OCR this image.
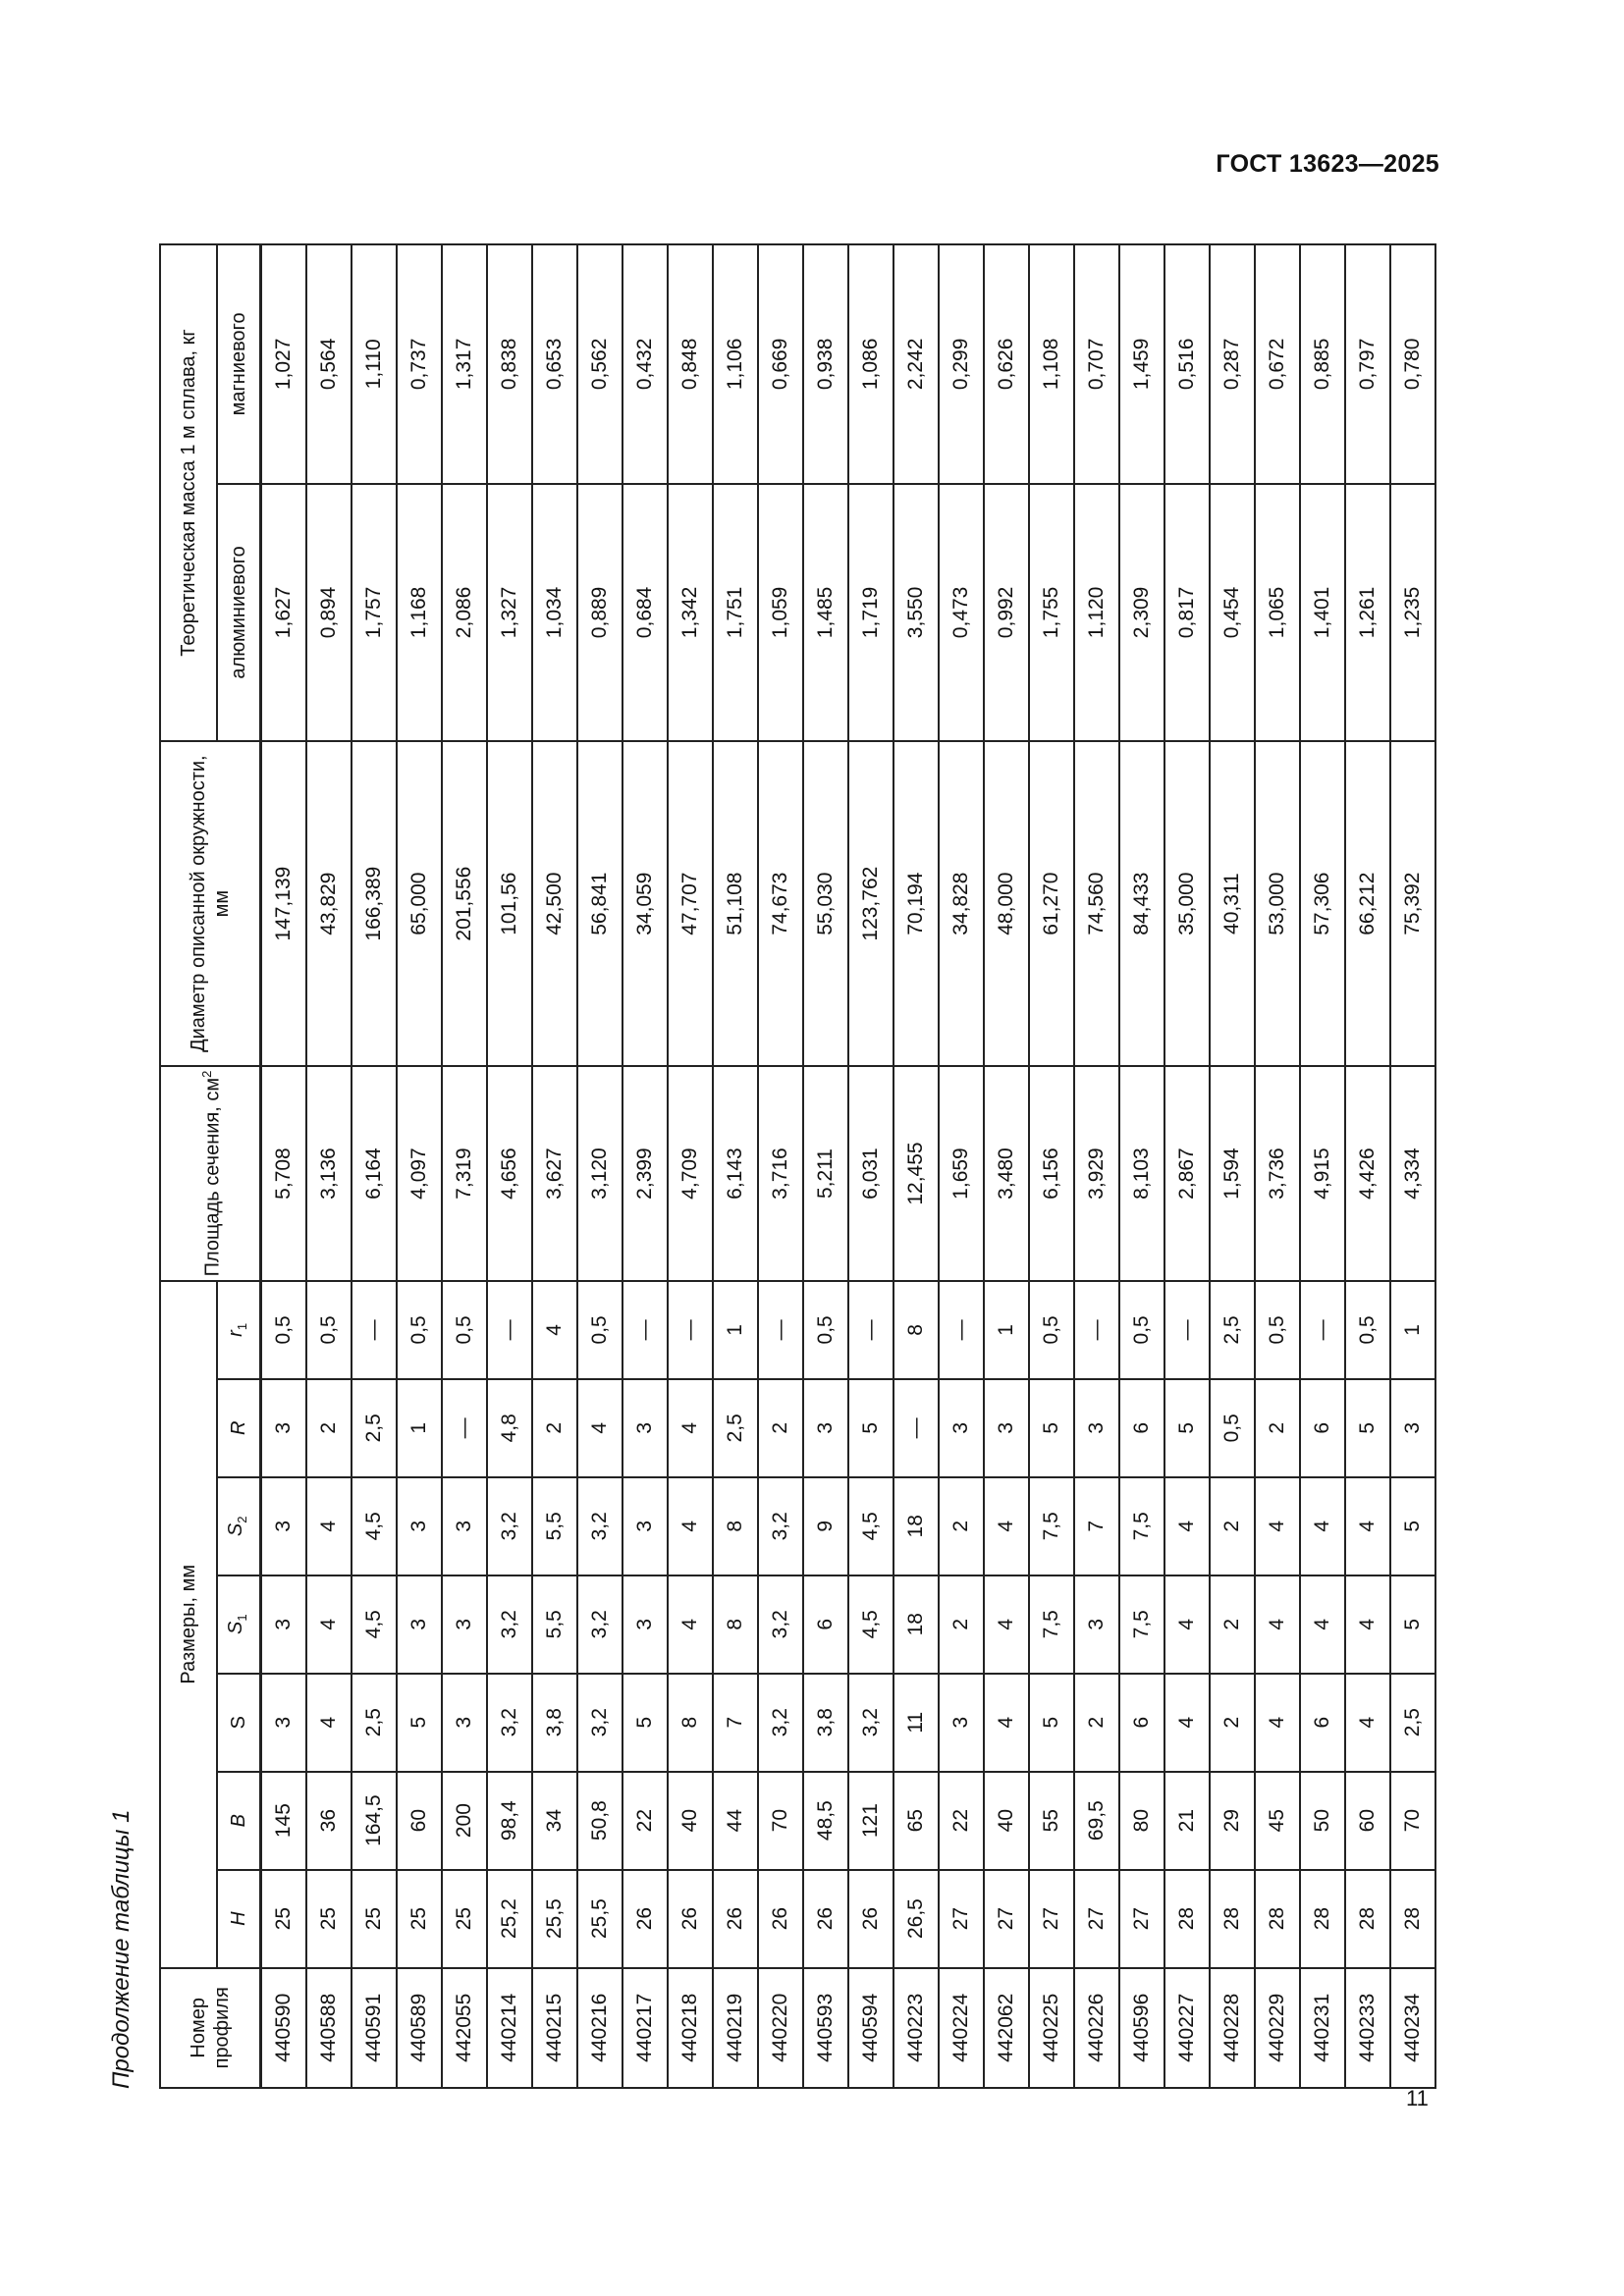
ГОСТ 13623—2025
Продолжение таблицы 1	Номер профиля	Размеры, мм							Площадь сечения, $см^2$	Диаметр описанной окружности, мм	Теоретическая масса 1 м сплава, кг	
	H	B	S	$S_1$	$S_2$	R	$r_1$			алюминиевого	магниевого
440590	25	145	3	3	3	3	0,5	5,708	147,139	1,627	1,027
440588	25	36	4	4	4	2	0,5	3,136	43,829	0,894	0,564
440591	25	164,5	2,5	4,5	4,5	2,5	—	6,164	166,389	1,757	1,110
440589	25	60	5	3	3	1	0,5	4,097	65,000	1,168	0,737
442055	25	200	3	3	3	—	0,5	7,319	201,556	2,086	1,317
440214	25,2	98,4	3,2	3,2	3,2	4,8	—	4,656	101,56	1,327	0,838
440215	25,5	34	3,8	5,5	5,5	2	4	3,627	42,500	1,034	0,653
440216	25,5	50,8	3,2	3,2	3,2	4	0,5	3,120	56,841	0,889	0,562
440217	26	22	5	3	3	3	—	2,399	34,059	0,684	0,432
440218	26	40	8	4	4	4	—	4,709	47,707	1,342	0,848
440219	26	44	7	8	8	2,5	1	6,143	51,108	1,751	1,106
440220	26	70	3,2	3,2	3,2	2	—	3,716	74,673	1,059	0,669
440593	26	48,5	3,8	6	9	3	0,5	5,211	55,030	1,485	0,938
440594	26	121	3,2	4,5	4,5	5	—	6,031	123,762	1,719	1,086
440223	26,5	65	11	18	18	—	8	12,455	70,194	3,550	2,242
440224	27	22	3	2	2	3	—	1,659	34,828	0,473	0,299
442062	27	40	4	4	4	3	1	3,480	48,000	0,992	0,626
440225	27	55	5	7,5	7,5	5	0,5	6,156	61,270	1,755	1,108
440226	27	69,5	2	3	7	3	—	3,929	74,560	1,120	0,707
440596	27	80	6	7,5	7,5	6	0,5	8,103	84,433	2,309	1,459
440227	28	21	4	4	4	5	—	2,867	35,000	0,817	0,516
440228	28	29	2	2	2	0,5	2,5	1,594	40,311	0,454	0,287
440229	28	45	4	4	4	2	0,5	3,736	53,000	1,065	0,672
440231	28	50	6	4	4	6	—	4,915	57,306	1,401	0,885
440233	28	60	4	4	4	5	0,5	4,426	66,212	1,261	0,797
440234	28	70	2,5	5	5	3	1	4,334	75,392	1,235	0,780
11
